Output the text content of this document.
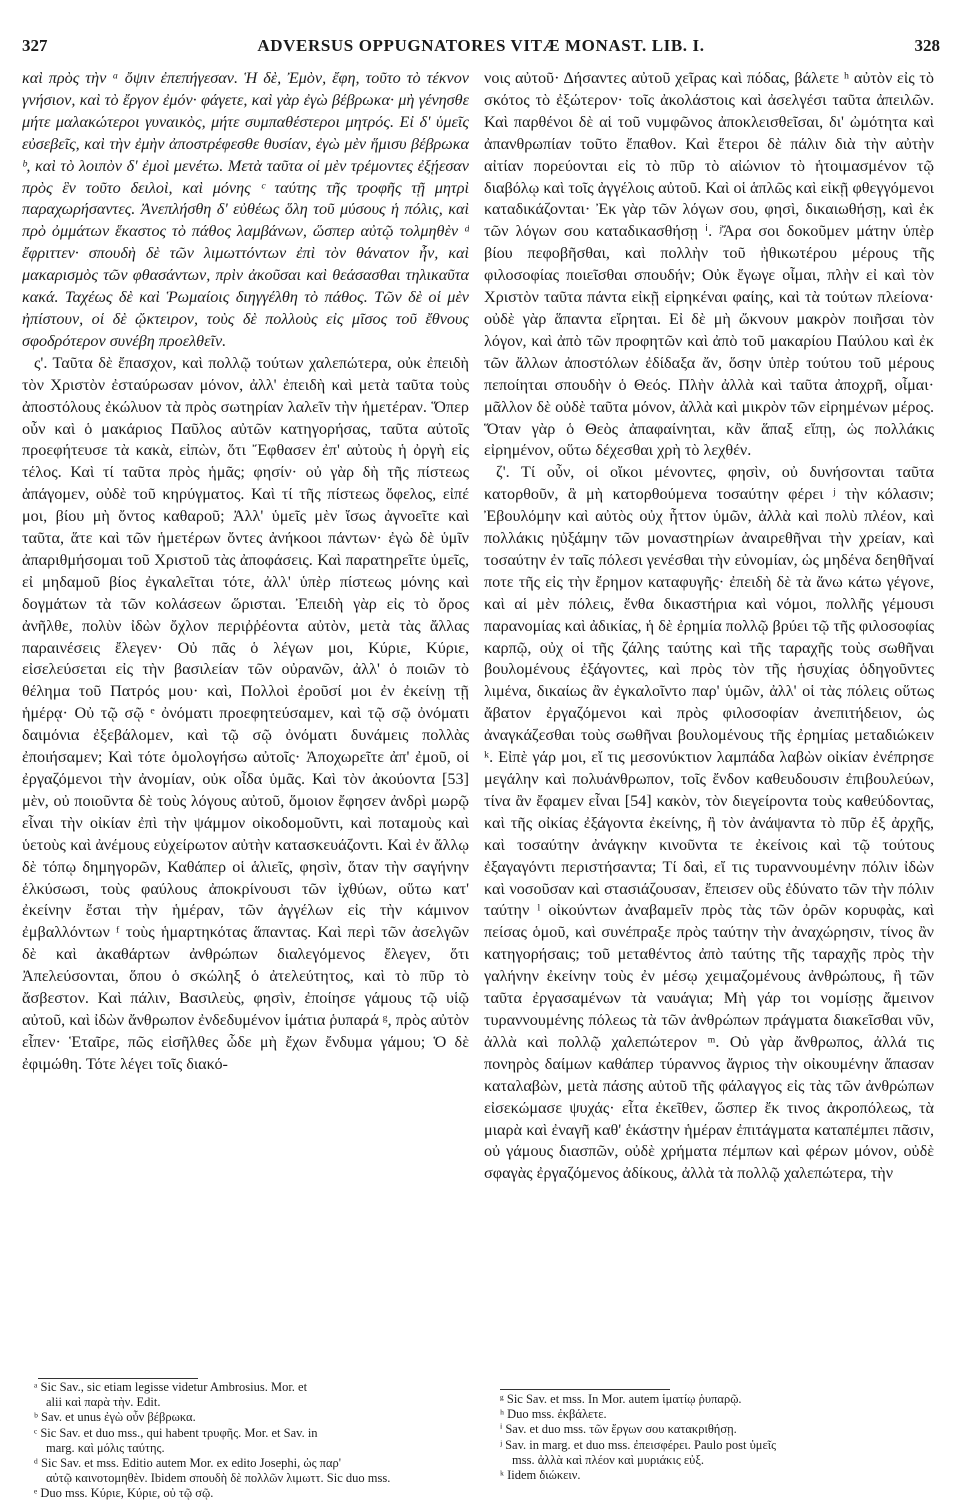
327	ADVERSUS OPPUGNATORES VITÆ MONAST. LIB. I.	328

καὶ πρὸς τὴν ᵃ ὄψιν ἐπεπήγεσαν. Ἡ δὲ, Ἐμὸν, ἔφη, τοῦτο τὸ τέκνον γνήσιον, καὶ τὸ ἔργον ἐμόν· φάγετε, καὶ γὰρ ἐγὼ βέβρωκα· μὴ γένησθε μήτε μαλακώτεροι γυναικὸς, μήτε συμπαθέστεροι μητρός. Εἰ δ' ὑμεῖς εὐσεβεῖς, καὶ τὴν ἐμὴν ἀποστρέφεσθε θυσίαν, ἐγὼ μὲν ἥμισυ βέβρωκα ᵇ, καὶ τὸ λοιπὸν δ' ἐμοὶ μενέτω. Μετὰ ταῦτα οἱ μὲν τρέμοντες ἐξῄεσαν πρὸς ἓν τοῦτο δειλοὶ, καὶ μόνης ᶜ ταύτης τῆς τροφῆς τῇ μητρὶ παραχωρήσαντες. Ἀνεπλήσθη δ' εὐθέως ὅλη τοῦ μύσους ἡ πόλις, καὶ πρὸ ὀμμάτων ἕκαστος τὸ πάθος λαμβάνων, ὥσπερ αὐτῷ τολμηθὲν ᵈ ἔφριττεν· σπουδὴ δὲ τῶν λιμωττόντων ἐπὶ τὸν θάνατον ἦν, καὶ μακαρισμὸς τῶν φθασάντων, πρὶν ἀκοῦσαι καὶ θεάσασθαι τηλικαῦτα κακά. Ταχέως δὲ καὶ Ῥωμαίοις διηγγέλθη τὸ πάθος. Τῶν δὲ οἱ μὲν ἠπίστουν, οἱ δὲ ᾤκτειρον, τοὺς δὲ πολλοὺς εἰς μῖσος τοῦ ἔθνους σφοδρότερον συνέβη προελθεῖν.

ς'. Ταῦτα δὲ ἔπασχον, καὶ πολλῷ τούτων χαλεπώτερα, οὐκ ἐπειδὴ τὸν Χριστὸν ἐσταύρωσαν μόνον, ἀλλ' ἐπειδὴ καὶ μετὰ ταῦτα τοὺς ἀποστόλους ἐκώλυον τὰ πρὸς σωτηρίαν λαλεῖν τὴν ἡμετέραν. Ὅπερ οὖν καὶ ὁ μακάριος Παῦλος αὐτῶν κατηγορήσας, ταῦτα αὐτοῖς προεφήτευσε τὰ κακὰ, εἰπὼν, ὅτι Ἔφθασεν ἐπ' αὐτοὺς ἡ ὀργὴ εἰς τέλος. Καὶ τί ταῦτα πρὸς ἡμᾶς; φησίν· οὐ γὰρ δὴ τῆς πίστεως ἀπάγομεν, οὐδὲ τοῦ κηρύγματος. Καὶ τί τῆς πίστεως ὄφελος, εἰπέ μοι, βίου μὴ ὄντος καθαροῦ; Ἀλλ' ὑμεῖς μὲν ἴσως ἀγνοεῖτε καὶ ταῦτα, ἅτε καὶ τῶν ἡμετέρων ὄντες ἀνήκοοι πάντων· ἐγὼ δὲ ὑμῖν ἀπαριθμήσομαι τοῦ Χριστοῦ τὰς ἀποφάσεις. Καὶ παρατηρεῖτε ὑμεῖς, εἰ μηδαμοῦ βίος ἐγκαλεῖται τότε, ἀλλ' ὑπὲρ πίστεως μόνης καὶ δογμάτων τὰ τῶν κολάσεων ὥρισται. Ἐπειδὴ γὰρ εἰς τὸ ὄρος ἀνῆλθε, πολὺν ἰδὼν ὄχλον περιῤῥέοντα αὐτὸν, μετὰ τὰς ἄλλας παραινέσεις ἔλεγεν· Οὐ πᾶς ὁ λέγων μοι, Κύριε, Κύριε, εἰσελεύσεται εἰς τὴν βασιλείαν τῶν οὐρανῶν, ἀλλ' ὁ ποιῶν τὸ θέλημα τοῦ Πατρός μου· καὶ, Πολλοὶ ἐροῦσί μοι ἐν ἐκείνῃ τῇ ἡμέρᾳ· Οὐ τῷ σῷ ᵉ ὀνόματι προεφητεύσαμεν, καὶ τῷ σῷ ὀνόματι δαιμόνια ἐξεβάλομεν, καὶ τῷ σῷ ὀνόματι δυνάμεις πολλὰς ἐποιήσαμεν; Καὶ τότε ὁμολογήσω αὐτοῖς· Ἀποχωρεῖτε ἀπ' ἐμοῦ, οἱ ἐργαζόμενοι τὴν ἀνομίαν, οὐκ οἶδα ὑμᾶς. Καὶ τὸν ἀκούοντα [53] μὲν, οὐ ποιοῦντα δὲ τοὺς λόγους αὐτοῦ, ὅμοιον ἔφησεν ἀνδρὶ μωρῷ εἶναι τὴν οἰκίαν ἐπὶ τὴν ψάμμον οἰκοδομοῦντι, καὶ ποταμοὺς καὶ ὑετοὺς καὶ ἀνέμους εὐχείρωτον αὐτὴν κατασκευάζοντι. Καὶ ἐν ἄλλῳ δὲ τόπῳ δημηγορῶν, Καθάπερ οἱ ἁλιεῖς, φησὶν, ὅταν τὴν σαγήνην ἑλκύσωσι, τοὺς φαύλους ἀποκρίνουσι τῶν ἰχθύων, οὕτω κατ' ἐκείνην ἔσται τὴν ἡμέραν, τῶν ἀγγέλων εἰς τὴν κάμινον ἐμβαλλόντων ᶠ τοὺς ἡμαρτηκότας ἅπαντας. Καὶ περὶ τῶν ἀσελγῶν δὲ καὶ ἀκαθάρτων ἀνθρώπων διαλεγόμενος ἔλεγεν, ὅτι Ἀπελεύσονται, ὅπου ὁ σκώληξ ὁ ἀτελεύτητος, καὶ τὸ πῦρ τὸ ἄσβεστον. Καὶ πάλιν, Βασιλεὺς, φησὶν, ἐποίησε γάμους τῷ υἱῷ αὐτοῦ, καὶ ἰδὼν ἄνθρωπον ἐνδεδυμένον ἱμάτια ῥυπαρά ᵍ, πρὸς αὐτὸν εἶπεν· Ἑταῖρε, πῶς εἰσῆλθες ὧδε μὴ ἔχων ἔνδυμα γάμου; Ὁ δὲ ἐφιμώθη. Τότε λέγει τοῖς διακό-

νοις αὐτοῦ· Δήσαντες αὐτοῦ χεῖρας καὶ πόδας, βάλετε ʰ αὐτὸν εἰς τὸ σκότος τὸ ἐξώτερον· τοῖς ἀκολάστοις καὶ ἀσελγέσι ταῦτα ἀπειλῶν. Καὶ παρθένοι δὲ αἱ τοῦ νυμφῶνος ἀποκλεισθεῖσαι, δι' ὠμότητα καὶ ἀπανθρωπίαν τοῦτο ἔπαθον. Καὶ ἕτεροι δὲ πάλιν διὰ τὴν αὐτὴν αἰτίαν πορεύονται εἰς τὸ πῦρ τὸ αἰώνιον τὸ ἡτοιμασμένον τῷ διαβόλῳ καὶ τοῖς ἀγγέλοις αὐτοῦ. Καὶ οἱ ἁπλῶς καὶ εἰκῇ φθεγγόμενοι καταδικάζονται· Ἐκ γὰρ τῶν λόγων σου, φησὶ, δικαιωθήσῃ, καὶ ἐκ τῶν λόγων σου καταδικασθήσῃ ⁱ. ʲἌρα σοι δοκοῦμεν μάτην ὑπὲρ βίου πεφοβῆσθαι, καὶ πολλὴν τοῦ ἠθικωτέρου μέρους τῆς φιλοσοφίας ποιεῖσθαι σπουδήν; Οὐκ ἔγωγε οἶμαι, πλὴν εἰ καὶ τὸν Χριστὸν ταῦτα πάντα εἰκῇ εἰρηκέναι φαίης, καὶ τὰ τούτων πλείονα· οὐδὲ γὰρ ἅπαντα εἴρηται. Εἰ δὲ μὴ ὤκνουν μακρὸν ποιῆσαι τὸν λόγον, καὶ ἀπὸ τῶν προφητῶν καὶ ἀπὸ τοῦ μακαρίου Παύλου καὶ ἐκ τῶν ἄλλων ἀποστόλων ἐδίδαξα ἄν, ὅσην ὑπὲρ τούτου τοῦ μέρους πεποίηται σπουδὴν ὁ Θεός. Πλὴν ἀλλὰ καὶ ταῦτα ἀποχρῆ, οἶμαι· μᾶλλον δὲ οὐδὲ ταῦτα μόνον, ἀλλὰ καὶ μικρὸν τῶν εἰρημένων μέρος. Ὅταν γὰρ ὁ Θεὸς ἀπαφαίνηται, κἂν ἅπαξ εἴπῃ, ὡς πολλάκις εἰρημένον, οὕτω δέχεσθαι χρὴ τὸ λεχθέν.

ζ'. Τί οὖν, οἱ οἴκοι μένοντες, φησὶν, οὐ δυνήσονται ταῦτα κατορθοῦν, ἃ μὴ κατορθούμενα τοσαύτην φέρει ʲ τὴν κόλασιν; Ἐβουλόμην καὶ αὐτὸς οὐχ ἧττον ὑμῶν, ἀλλὰ καὶ πολὺ πλέον, καὶ πολλάκις ηὐξάμην τῶν μοναστηρίων ἀναιρεθῆναι τὴν χρείαν, καὶ τοσαύτην ἐν ταῖς πόλεσι γενέσθαι τὴν εὐνομίαν, ὡς μηδένα δεηθῆναί ποτε τῆς εἰς τὴν ἔρημον καταφυγῆς· ἐπειδὴ δὲ τὰ ἄνω κάτω γέγονε, καὶ αἱ μὲν πόλεις, ἔνθα δικαστήρια καὶ νόμοι, πολλῆς γέμουσι παρανομίας καὶ ἀδικίας, ἡ δὲ ἐρημία πολλῷ βρύει τῷ τῆς φιλοσοφίας καρπῷ, οὐχ οἱ τῆς ζάλης ταύτης καὶ τῆς ταραχῆς τοὺς σωθῆναι βουλομένους ἐξάγοντες, καὶ πρὸς τὸν τῆς ἡσυχίας ὁδηγοῦντες λιμένα, δικαίως ἂν ἐγκαλοῖντο παρ' ὑμῶν, ἀλλ' οἱ τὰς πόλεις οὕτως ἄβατον ἐργαζόμενοι καὶ πρὸς φιλοσοφίαν ἀνεπιτήδειον, ὡς ἀναγκάζεσθαι τοὺς σωθῆναι βουλομένους τῆς ἐρημίας μεταδιώκειν ᵏ. Εἰπὲ γάρ μοι, εἴ τις μεσονύκτιον λαμπάδα λαβὼν οἰκίαν ἐνέπρησε μεγάλην καὶ πολυάνθρωπον, τοῖς ἔνδον καθευδουσιν ἐπιβουλεύων, τίνα ἂν ἔφαμεν εἶναι [54] κακὸν, τὸν διεγείροντα τοὺς καθεύδοντας, καὶ τῆς οἰκίας ἐξάγοντα ἐκείνης, ἢ τὸν ἀνάψαντα τὸ πῦρ ἐξ ἀρχῆς, καὶ τοσαύτην ἀνάγκην κινοῦντα τε ἐκείνοις καὶ τῷ τούτους ἐξαγαγόντι περιστήσαντα; Τί δαὶ, εἴ τις τυραννουμένην πόλιν ἰδὼν καὶ νοσοῦσαν καὶ στασιάζουσαν, ἔπεισεν οὓς ἐδύνατο τῶν τὴν πόλιν ταύτην ˡ οἰκούντων ἀναβαμεῖν πρὸς τὰς τῶν ὀρῶν κορυφὰς, καὶ πείσας ὁμοῦ, καὶ συνέπραξε πρὸς ταύτην τὴν ἀναχώρησιν, τίνος ἂν κατηγορήσαις; τοῦ μεταθέντος ἀπὸ ταύτης τῆς ταραχῆς πρὸς τὴν γαλήνην ἐκείνην τοὺς ἐν μέσῳ χειμαζομένους ἀνθρώπους, ἢ τῶν ταῦτα ἐργασαμένων τὰ ναυάγια; Μὴ γάρ τοι νομίσῃς ἄμεινον τυραννουμένης πόλεως τὰ τῶν ἀνθρώπων πράγματα διακεῖσθαι νῦν, ἀλλὰ καὶ πολλῷ χαλεπώτερον ᵐ. Οὐ γὰρ ἄνθρωπος, ἀλλά τις πονηρὸς δαίμων καθάπερ τύραννος ἄγριος τὴν οἰκουμένην ἅπασαν καταλαβὼν, μετὰ πάσης αὐτοῦ τῆς φάλαγγος εἰς τὰς τῶν ἀνθρώπων εἰσεκώμασε ψυχάς· εἶτα ἐκεῖθεν, ὥσπερ ἔκ τινος ἀκροπόλεως, τὰ μιαρὰ καὶ ἐναγῆ καθ' ἑκάστην ἡμέραν ἐπιτάγματα καταπέμπει πᾶσιν, οὐ γάμους διασπῶν, οὐδὲ χρήματα πέμπων καὶ φέρων μόνον, οὐδὲ σφαγὰς ἐργαζόμενος ἀδίκους, ἀλλὰ τὰ πολλῷ χαλεπώτερα, τὴν

ᵃ Sic Sav., sic etiam legisse videtur Ambrosius. Mor. et
alii καὶ παρὰ τὴν. Edit.
ᵇ Sav. et unus ἐγὼ οὖν βέβρωκα.
ᶜ Sic Sav. et duo mss., qui habent τρυφῆς. Mor. et Sav. in
marg. καὶ μόλις ταύτης.
ᵈ Sic Sav. et mss. Editio autem Mor. ex edito Josephi, ὡς παρ'
αὐτῷ καινοτομηθὲν. Ibidem σπουδὴ δὲ πολλῶν λιμωττ. Sic duo mss.
ᵉ Duo mss. Κύριε, Κύριε, οὐ τῷ σῷ.
ᵍ Sic Sav. et mss. In Mor. autem ἱματίῳ ῥυπαρῷ.
ʰ Duo mss. ἐκβάλετε.
ⁱ Sav. et duo mss. τῶν ἔργων σου κατακριθήσῃ.
ʲ Sav. in marg. et duo mss. ἐπεισφέρει. Paulo post ὑμεῖς
mss. ἀλλὰ καὶ πλέον καὶ μυριάκις εὐξ.
ᵏ Iidem διώκειν.
